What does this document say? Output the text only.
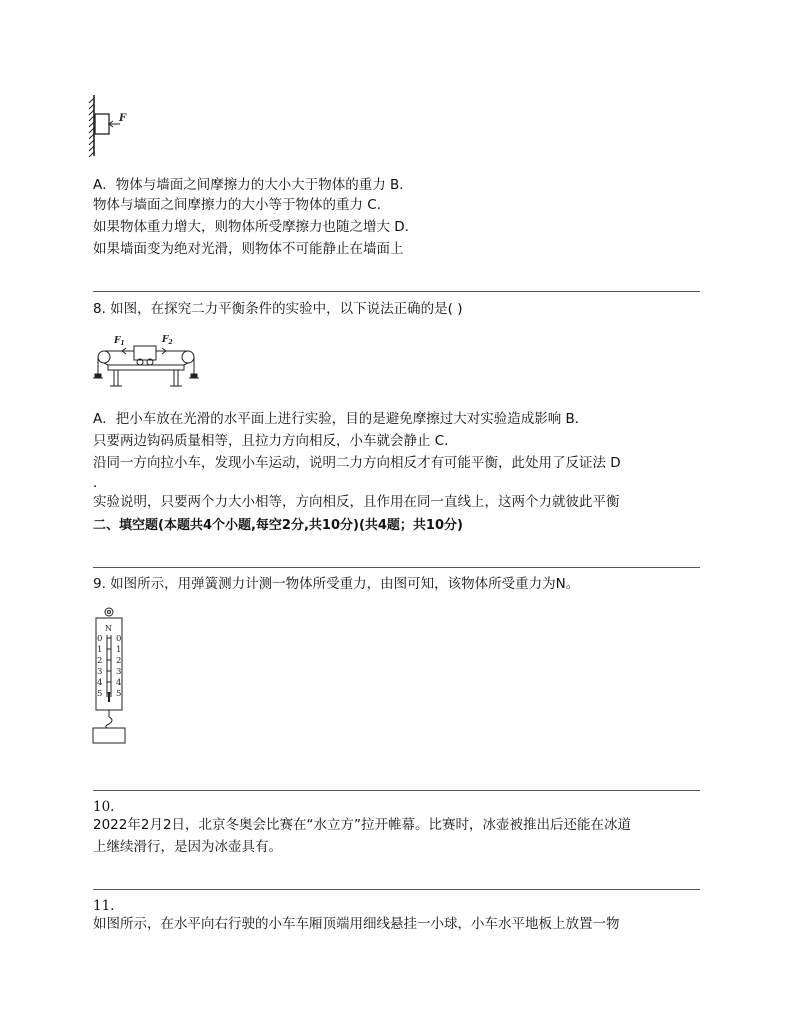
F
A．物体与墙面之间摩擦力的大小大于物体的重力 B．
物体与墙面之间摩擦力的大小等于物体的重力 C．
如果物体重力增大，则物体所受摩擦力也随之增大 D．
如果墙面变为绝对光滑，则物体不可能静止在墙面上
8. 如图，在探究二力平衡条件的实验中，以下说法正确的是( )
$F_1$	$F_2$
A．把小车放在光滑的水平面上进行实验，目的是避免摩擦过大对实验造成影响 B．
只要两边钩码质量相等，且拉力方向相反，小车就会静止 C．
沿同一方向拉小车，发现小车运动，说明二力方向相反才有可能平衡，此处用了反证法 D
．
实验说明，只要两个力大小相等，方向相反，且作用在同一直线上，这两个力就彼此平衡
二、填空题(本题共4个小题,每空2分,共10分)(共4题；共10分)
9. 如图所示，用弹簧测力计测一物体所受重力，由图可知，该物体所受重力为N。
N
0 0
1 1
2 2
3 3
4 4
5 5
10.
2022年2月2日，北京冬奥会比赛在“水立方”拉开帷幕。比赛时，冰壶被推出后还能在冰道
上继续滑行，是因为冰壶具有。
11.
如图所示，在水平向右行驶的小车车厢顶端用细线悬挂一小球，小车水平地板上放置一物
